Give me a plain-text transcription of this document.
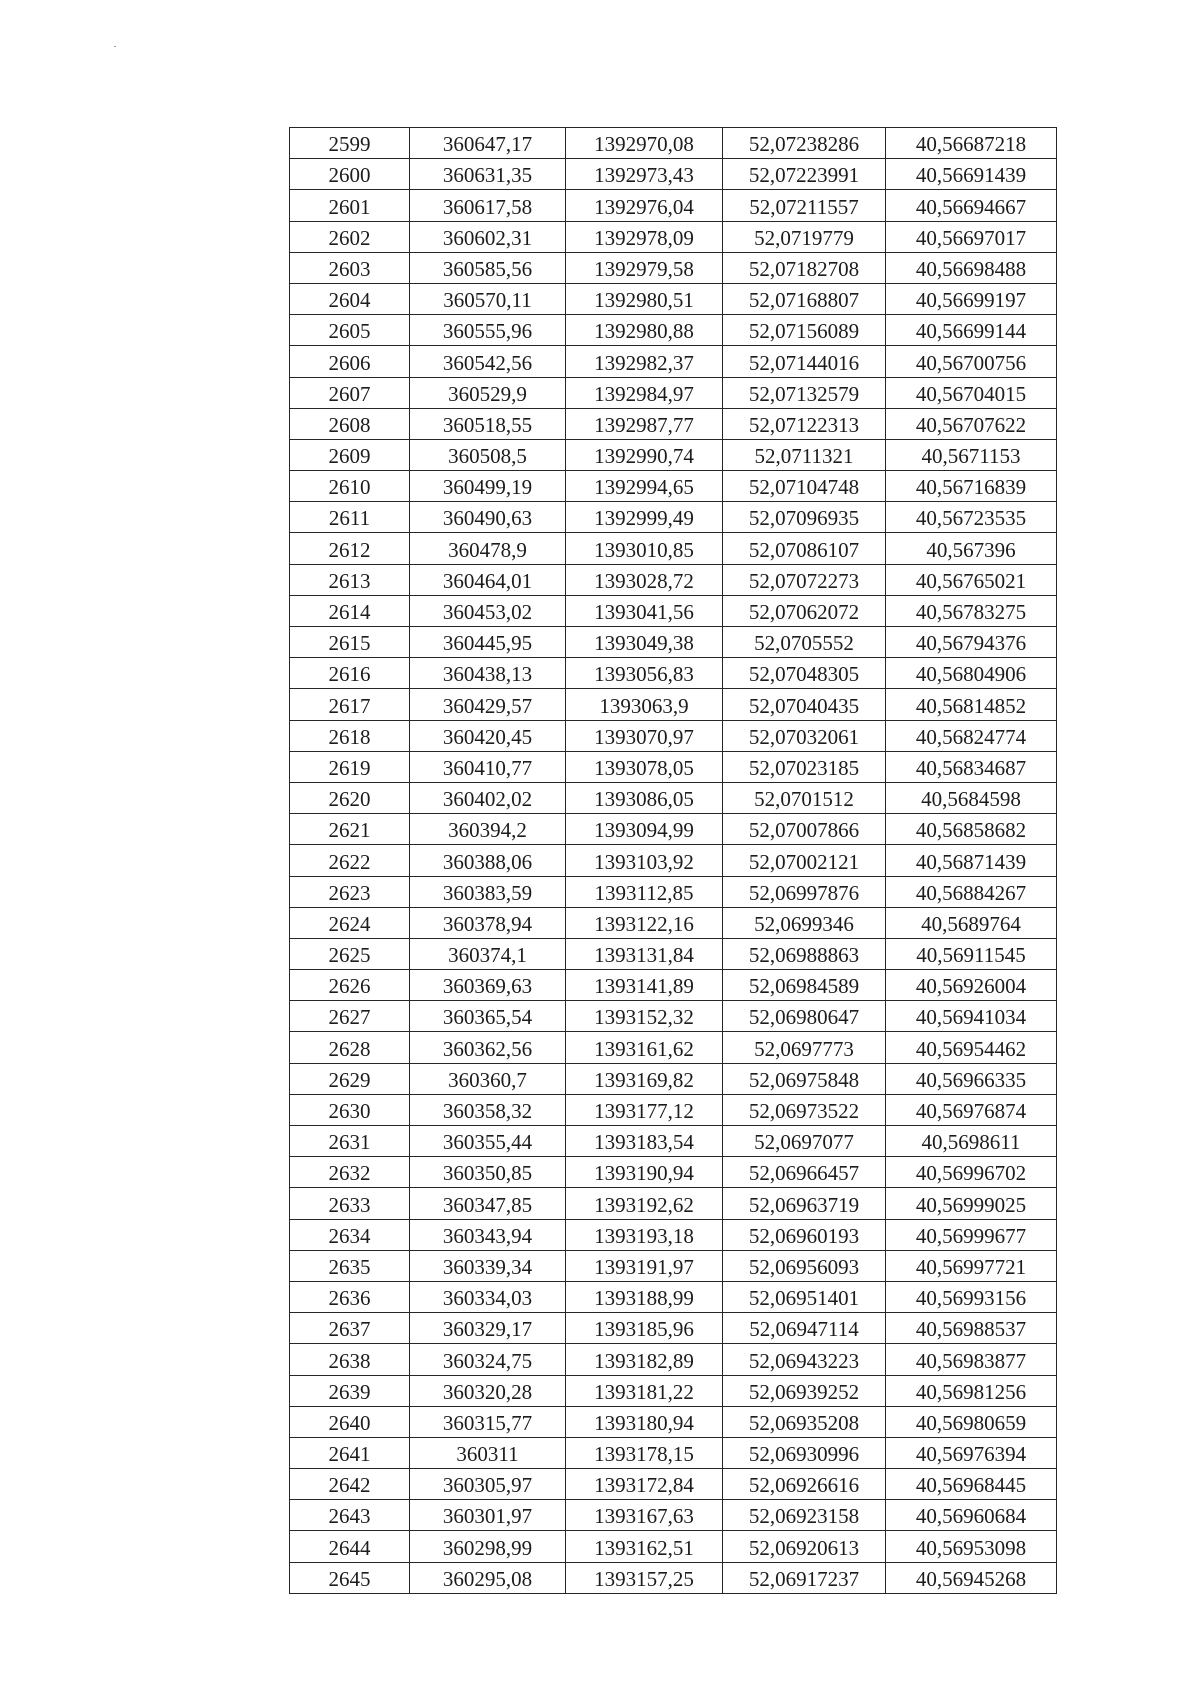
2599	360647,17	1392970,08	52,07238286	40,56687218
2600	360631,35	1392973,43	52,07223991	40,56691439
2601	360617,58	1392976,04	52,07211557	40,56694667
2602	360602,31	1392978,09	52,0719779	40,56697017
2603	360585,56	1392979,58	52,07182708	40,56698488
2604	360570,11	1392980,51	52,07168807	40,56699197
2605	360555,96	1392980,88	52,07156089	40,56699144
2606	360542,56	1392982,37	52,07144016	40,56700756
2607	360529,9	1392984,97	52,07132579	40,56704015
2608	360518,55	1392987,77	52,07122313	40,56707622
2609	360508,5	1392990,74	52,0711321	40,5671153
2610	360499,19	1392994,65	52,07104748	40,56716839
2611	360490,63	1392999,49	52,07096935	40,56723535
2612	360478,9	1393010,85	52,07086107	40,567396
2613	360464,01	1393028,72	52,07072273	40,56765021
2614	360453,02	1393041,56	52,07062072	40,56783275
2615	360445,95	1393049,38	52,0705552	40,56794376
2616	360438,13	1393056,83	52,07048305	40,56804906
2617	360429,57	1393063,9	52,07040435	40,56814852
2618	360420,45	1393070,97	52,07032061	40,56824774
2619	360410,77	1393078,05	52,07023185	40,56834687
2620	360402,02	1393086,05	52,0701512	40,5684598
2621	360394,2	1393094,99	52,07007866	40,56858682
2622	360388,06	1393103,92	52,07002121	40,56871439
2623	360383,59	1393112,85	52,06997876	40,56884267
2624	360378,94	1393122,16	52,0699346	40,5689764
2625	360374,1	1393131,84	52,06988863	40,56911545
2626	360369,63	1393141,89	52,06984589	40,56926004
2627	360365,54	1393152,32	52,06980647	40,56941034
2628	360362,56	1393161,62	52,0697773	40,56954462
2629	360360,7	1393169,82	52,06975848	40,56966335
2630	360358,32	1393177,12	52,06973522	40,56976874
2631	360355,44	1393183,54	52,0697077	40,5698611
2632	360350,85	1393190,94	52,06966457	40,56996702
2633	360347,85	1393192,62	52,06963719	40,56999025
2634	360343,94	1393193,18	52,06960193	40,56999677
2635	360339,34	1393191,97	52,06956093	40,56997721
2636	360334,03	1393188,99	52,06951401	40,56993156
2637	360329,17	1393185,96	52,06947114	40,56988537
2638	360324,75	1393182,89	52,06943223	40,56983877
2639	360320,28	1393181,22	52,06939252	40,56981256
2640	360315,77	1393180,94	52,06935208	40,56980659
2641	360311	1393178,15	52,06930996	40,56976394
2642	360305,97	1393172,84	52,06926616	40,56968445
2643	360301,97	1393167,63	52,06923158	40,56960684
2644	360298,99	1393162,51	52,06920613	40,56953098
2645	360295,08	1393157,25	52,06917237	40,56945268
